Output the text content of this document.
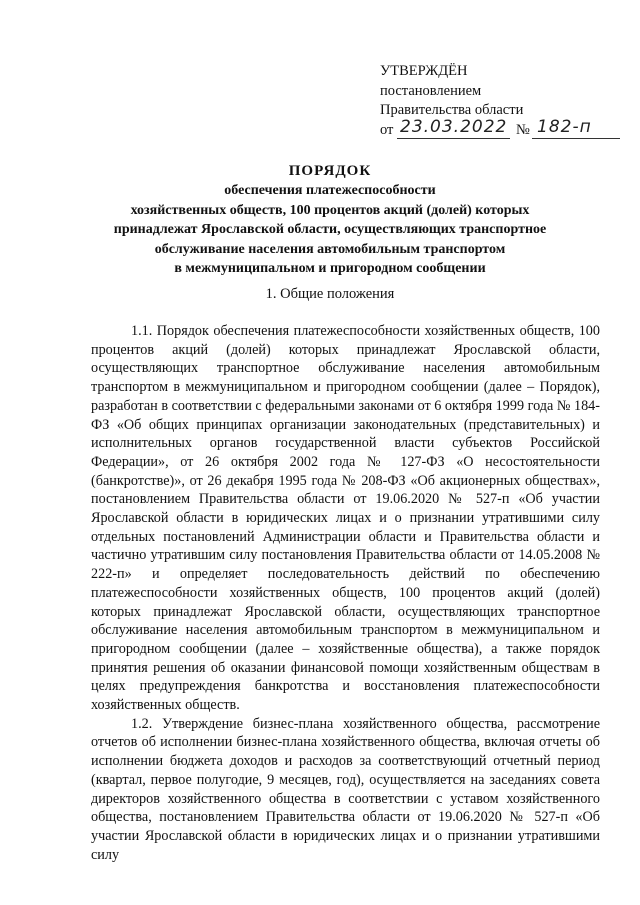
УТВЕРЖДЁН
постановлением
Правительства области
от 23.03.2022 № 182-п
ПОРЯДОК
обеспечения платежеспособности
хозяйственных обществ, 100 процентов акций (долей) которых
принадлежат Ярославской области, осуществляющих транспортное
обслуживание населения автомобильным транспортом
в межмуниципальном и пригородном сообщении
1. Общие положения

1.1. Порядок обеспечения платежеспособности хозяйственных обществ, 100 процентов акций (долей) которых принадлежат Ярославской области, осуществляющих транспортное обслуживание населения автомобильным транспортом в межмуниципальном и пригородном сообщении (далее – Порядок), разработан в соответствии с федеральными законами от 6 октября 1999 года № 184-ФЗ «Об общих принципах организации законодательных (представительных) и исполнительных органов государственной власти субъектов Российской Федерации», от 26 октября 2002 года № 127-ФЗ «О несостоятельности (банкротстве)», от 26 декабря 1995 года № 208-ФЗ «Об акционерных обществах», постановлением Правительства области от 19.06.2020 № 527-п «Об участии Ярославской области в юридических лицах и о признании утратившими силу отдельных постановлений Администрации области и Правительства области и частично утратившим силу постановления Правительства области от 14.05.2008 № 222-п» и определяет последовательность действий по обеспечению платежеспособности хозяйственных обществ, 100 процентов акций (долей) которых принадлежат Ярославской области, осуществляющих транспортное обслуживание населения автомобильным транспортом в межмуниципальном и пригородном сообщении (далее – хозяйственные общества), а также порядок принятия решения об оказании финансовой помощи хозяйственным обществам в целях предупреждения банкротства и восстановления платежеспособности хозяйственных обществ.

1.2. Утверждение бизнес-плана хозяйственного общества, рассмотрение отчетов об исполнении бизнес-плана хозяйственного общества, включая отчеты об исполнении бюджета доходов и расходов за соответствующий отчетный период (квартал, первое полугодие, 9 месяцев, год), осуществляется на заседаниях совета директоров хозяйственного общества в соответствии с уставом хозяйственного общества, постановлением Правительства области от 19.06.2020 № 527-п «Об участии Ярославской области в юридических лицах и о признании утратившими силу
